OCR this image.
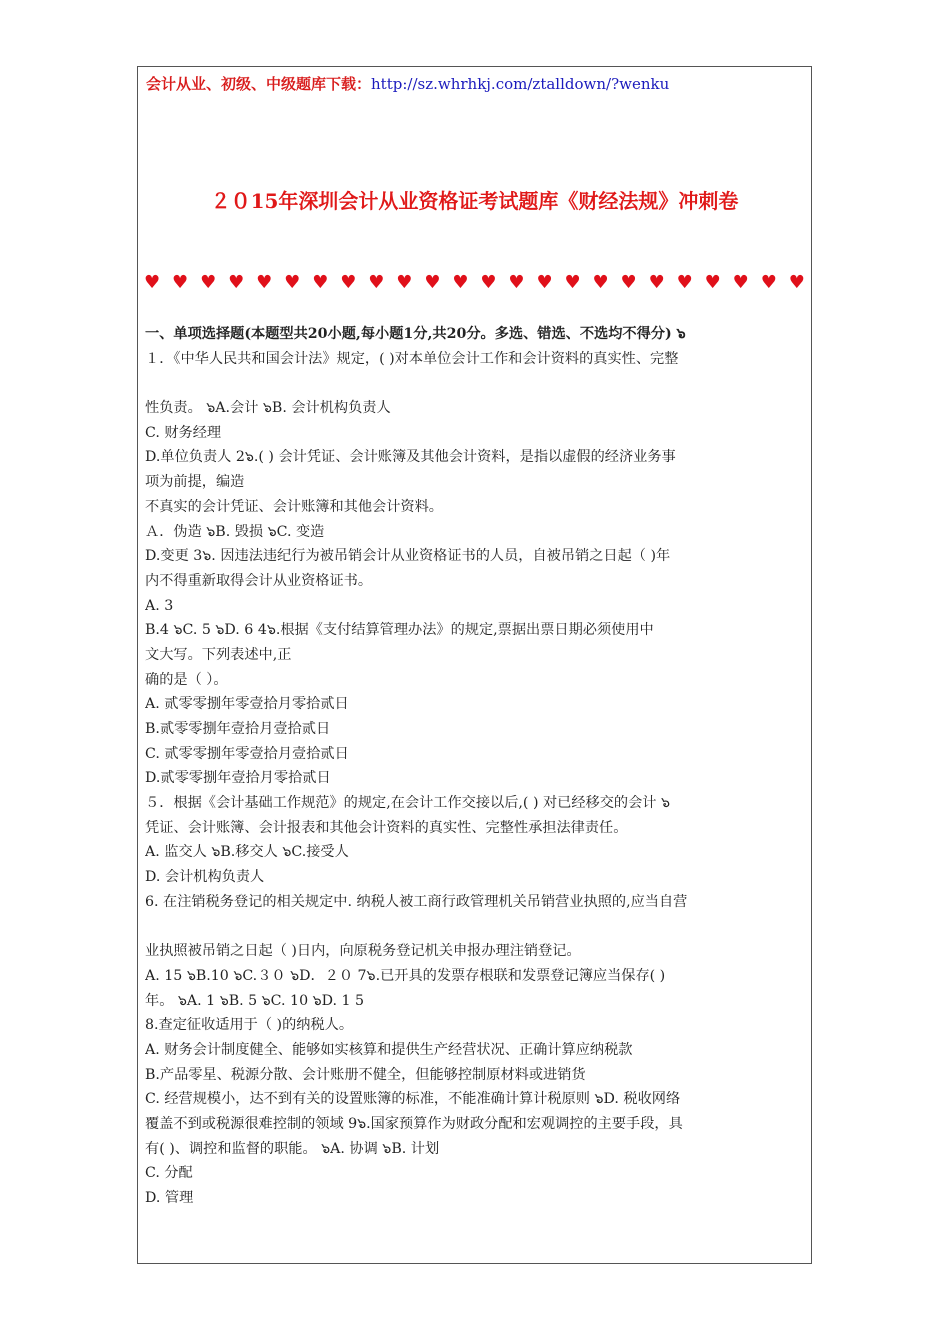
会计从业、初级、中级题库下载：http://sz.whrhkj.com/ztalldown/?wenku
２０15年深圳会计从业资格证考试题库《财经法规》冲刺卷
♥ ♥ ♥ ♥ ♥ ♥ ♥ ♥ ♥ ♥ ♥ ♥ ♥ ♥ ♥ ♥ ♥ ♥ ♥ ♥ ♥ ♥ ♥ ♥
一、单项选择题(本题型共20小题,每小题1分,共20分。多选、错选、不选均不得分) ๖
１．《中华人民共和国会计法》规定，( )对本单位会计工作和会计资料的真实性、完整
性负责。 ๖A.会计 ๖B. 会计机构负责人
C. 财务经理
D.单位负责人 2๖.( ) 会计凭证、会计账簿及其他会计资料，是指以虚假的经济业务事
项为前提，编造
不真实的会计凭证、会计账簿和其他会计资料。
Ａ．伪造 ๖B. 毁损 ๖C. 变造
D.变更 3๖. 因违法违纪行为被吊销会计从业资格证书的人员，自被吊销之日起（ )年
内不得重新取得会计从业资格证书。
A. 3
B.4 ๖C. 5 ๖D. 6 4๖.根据《支付结算管理办法》的规定,票据出票日期必须使用中
文大写。下列表述中,正
确的是（ ）。
A. 贰零零捌年零壹拾月零拾贰日
B.贰零零捌年壹拾月壹拾贰日
C. 贰零零捌年零壹拾月壹拾贰日
D.贰零零捌年壹拾月零拾贰日
５．根据《会计基础工作规范》的规定,在会计工作交接以后,( ) 对已经移交的会计 ๖
凭证、会计账簿、会计报表和其他会计资料的真实性、完整性承担法律责任。
A. 监交人 ๖B.移交人 ๖C.接受人
D. 会计机构负责人
6. 在注销税务登记的相关规定中. 纳税人被工商行政管理机关吊销营业执照的,应当自营
业执照被吊销之日起（ )日内，向原税务登记机关申报办理注销登记。
A. 15 ๖B.10 ๖C.３０ ๖D．２０ 7๖.已开具的发票存根联和发票登记簿应当保存( )
年。 ๖A. 1 ๖B. 5 ๖C. 10 ๖D. 1 5
8.查定征收适用于（ )的纳税人。
A. 财务会计制度健全、能够如实核算和提供生产经营状况、正确计算应纳税款
B.产品零星、税源分散、会计账册不健全，但能够控制原材料或进销货
C. 经营规模小，达不到有关的设置账簿的标准，不能准确计算计税原则 ๖D. 税收网络
覆盖不到或税源很难控制的领域 9๖.国家预算作为财政分配和宏观调控的主要手段，具
有( )、调控和监督的职能。 ๖A. 协调 ๖B. 计划
C. 分配
D. 管理
